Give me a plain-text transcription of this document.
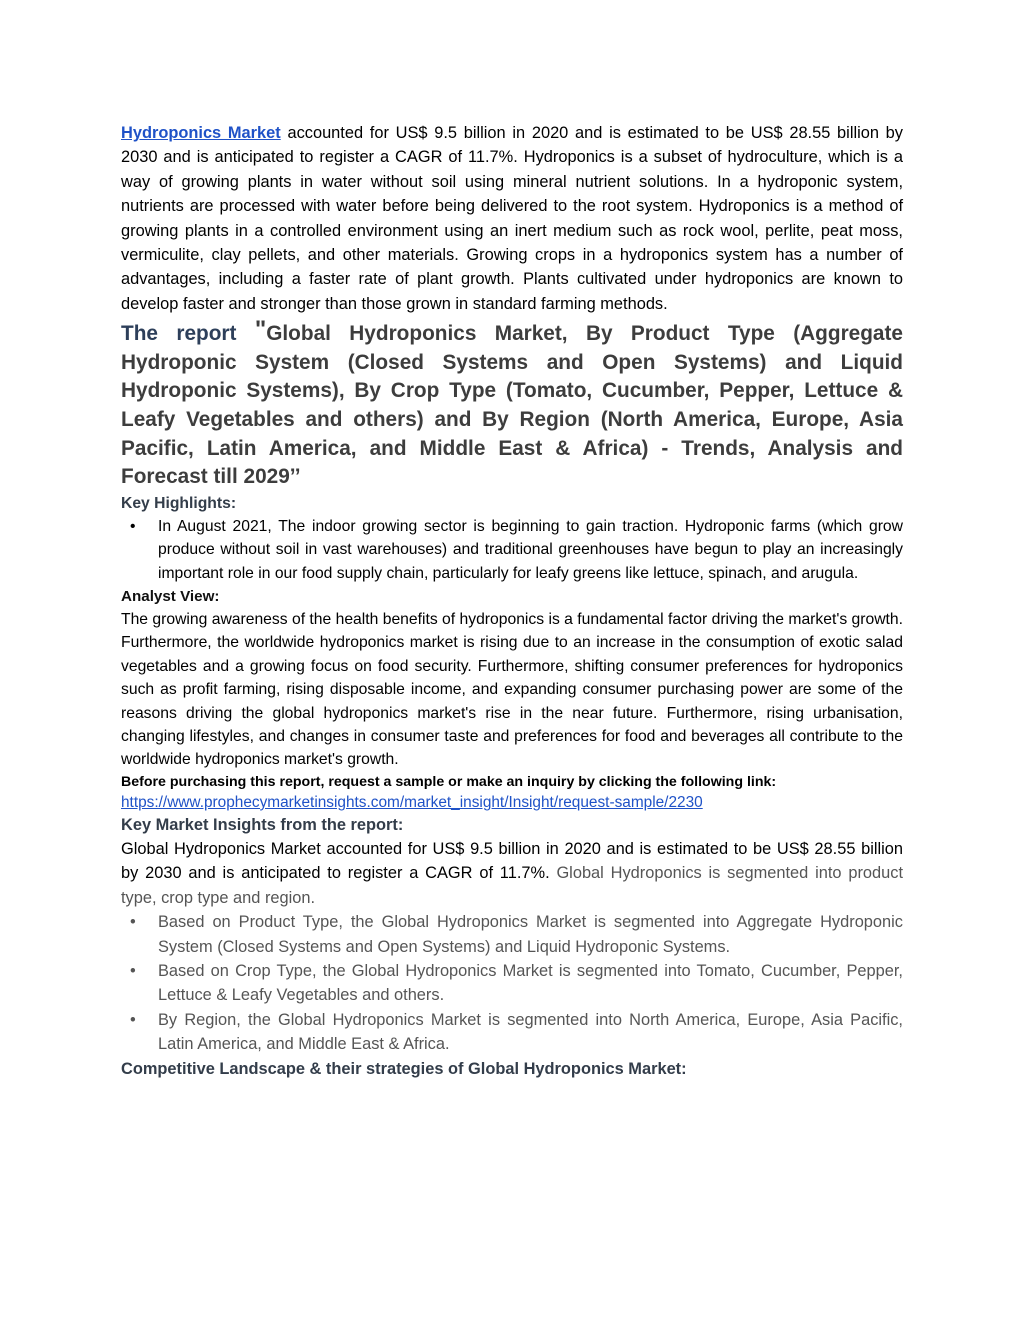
Hydroponics Market accounted for US$ 9.5 billion in 2020 and is estimated to be US$ 28.55 billion by 2030 and is anticipated to register a CAGR of 11.7%. Hydroponics is a subset of hydroculture, which is a way of growing plants in water without soil using mineral nutrient solutions. In a hydroponic system, nutrients are processed with water before being delivered to the root system. Hydroponics is a method of growing plants in a controlled environment using an inert medium such as rock wool, perlite, peat moss, vermiculite, clay pellets, and other materials. Growing crops in a hydroponics system has a number of advantages, including a faster rate of plant growth. Plants cultivated under hydroponics are known to develop faster and stronger than those grown in standard farming methods.

The report "Global Hydroponics Market, By Product Type (Aggregate Hydroponic System (Closed Systems and Open Systems) and Liquid Hydroponic Systems), By Crop Type (Tomato, Cucumber, Pepper, Lettuce & Leafy Vegetables and others) and By Region (North America, Europe, Asia Pacific, Latin America, and Middle East & Africa) - Trends, Analysis and Forecast till 2029’’

Key Highlights:

• In August 2021, The indoor growing sector is beginning to gain traction. Hydroponic farms (which grow produce without soil in vast warehouses) and traditional greenhouses have begun to play an increasingly important role in our food supply chain, particularly for leafy greens like lettuce, spinach, and arugula.

Analyst View:

The growing awareness of the health benefits of hydroponics is a fundamental factor driving the market's growth. Furthermore, the worldwide hydroponics market is rising due to an increase in the consumption of exotic salad vegetables and a growing focus on food security. Furthermore, shifting consumer preferences for hydroponics such as profit farming, rising disposable income, and expanding consumer purchasing power are some of the reasons driving the global hydroponics market's rise in the near future. Furthermore, rising urbanisation, changing lifestyles, and changes in consumer taste and preferences for food and beverages all contribute to the worldwide hydroponics market's growth.

Before purchasing this report, request a sample or make an inquiry by clicking the following link:

https://www.prophecymarketinsights.com/market_insight/Insight/request-sample/2230

Key Market Insights from the report:

Global Hydroponics Market accounted for US$ 9.5 billion in 2020 and is estimated to be US$ 28.55 billion by 2030 and is anticipated to register a CAGR of 11.7%. Global Hydroponics is segmented into product type, crop type and region.

• Based on Product Type, the Global Hydroponics Market is segmented into Aggregate Hydroponic System (Closed Systems and Open Systems) and Liquid Hydroponic Systems.
• Based on Crop Type, the Global Hydroponics Market is segmented into Tomato, Cucumber, Pepper, Lettuce & Leafy Vegetables and others.
• By Region, the Global Hydroponics Market is segmented into North America, Europe, Asia Pacific, Latin America, and Middle East & Africa.

Competitive Landscape & their strategies of Global Hydroponics Market:
